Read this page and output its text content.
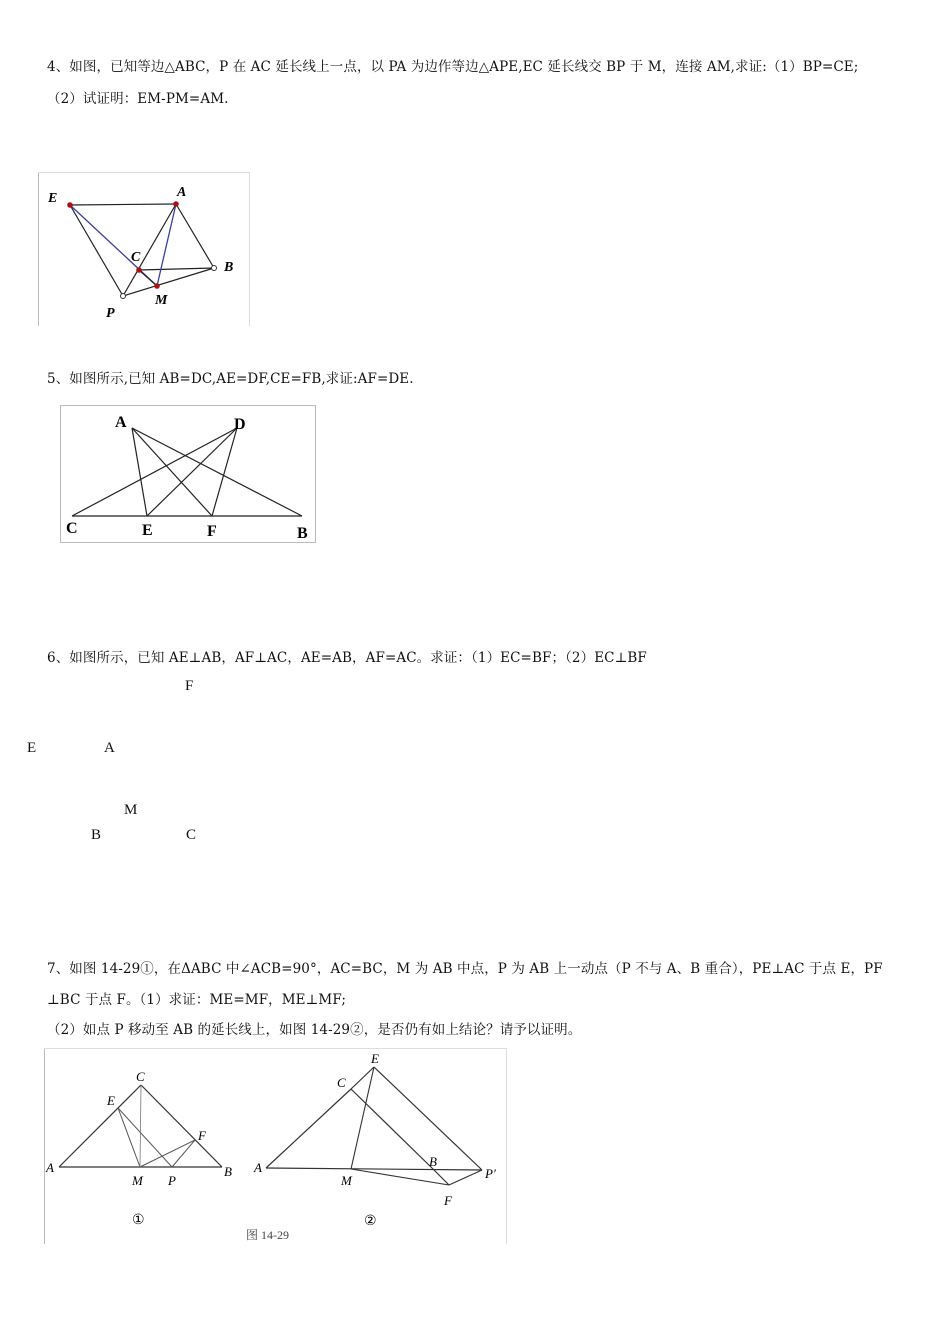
4、如图，已知等边△ABC，P 在 AC 延长线上一点，以 PA 为边作等边△APE,EC 延长线交 BP 于 M，连接 AM,求证:（1）BP=CE;
（2）试证明：EM-PM=AM.
E	A
C
B
P
M
5、如图所示,已知 AB=DC,AE=DF,CE=FB,求证:AF=DE.
A	D
C	E	F	B
6、如图所示，已知 AE⊥AB，AF⊥AC，AE=AB，AF=AC。求证：（1）EC=BF；（2）EC⊥BF
F
E	A
M
B	C
7、如图 14-29①，在ΔABC 中∠ACB=90°，AC=BC，M 为 AB 中点，P 为 AB 上一动点（P 不与 A、B 重合），PE⊥AC 于点 E，PF
⊥BC 于点 F。（1）求证：ME=MF，ME⊥MF;
（2）如点 P 移动至 AB 的延长线上，如图 14-29②，是否仍有如上结论？请予以证明。
C
E
F
A
M P
B
①
E
C
A
M
B
P′
F
②
图 14-29
